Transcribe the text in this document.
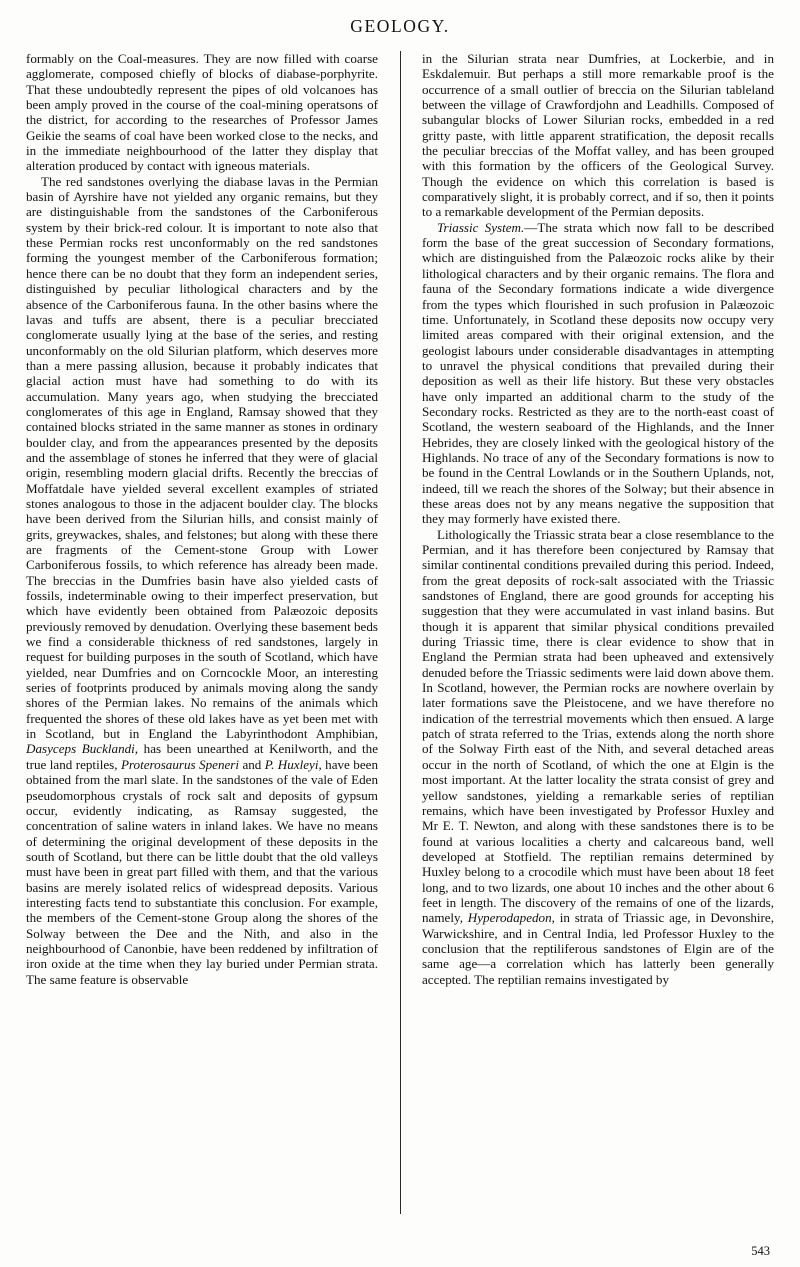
GEOLOGY.

formably on the Coal-measures. They are now filled with coarse agglomerate, composed chiefly of blocks of diabase-porphyrite. That these undoubtedly represent the pipes of old volcanoes has been amply proved in the course of the coal-mining operatsons of the district, for according to the researches of Professor James Geikie the seams of coal have been worked close to the necks, and in the immediate neighbourhood of the latter they display that alteration produced by contact with igneous materials.

The red sandstones overlying the diabase lavas in the Permian basin of Ayrshire have not yielded any organic remains, but they are distinguishable from the sandstones of the Carboniferous system by their brick-red colour. It is important to note also that these Permian rocks rest unconformably on the red sandstones forming the youngest member of the Carboniferous formation; hence there can be no doubt that they form an independent series, distinguished by peculiar lithological characters and by the absence of the Carboniferous fauna. In the other basins where the lavas and tuffs are absent, there is a peculiar brecciated conglomerate usually lying at the base of the series, and resting unconformably on the old Silurian platform, which deserves more than a mere passing allusion, because it probably indicates that glacial action must have had something to do with its accumulation. Many years ago, when studying the brecciated conglomerates of this age in England, Ramsay showed that they contained blocks striated in the same manner as stones in ordinary boulder clay, and from the appearances presented by the deposits and the assemblage of stones he inferred that they were of glacial origin, resembling modern glacial drifts. Recently the breccias of Moffatdale have yielded several excellent examples of striated stones analogous to those in the adjacent boulder clay. The blocks have been derived from the Silurian hills, and consist mainly of grits, greywackes, shales, and felstones; but along with these there are fragments of the Cement-stone Group with Lower Carboniferous fossils, to which reference has already been made. The breccias in the Dumfries basin have also yielded casts of fossils, indeterminable owing to their imperfect preservation, but which have evidently been obtained from Palæozoic deposits previously removed by denudation. Overlying these basement beds we find a considerable thickness of red sandstones, largely in request for building purposes in the south of Scotland, which have yielded, near Dumfries and on Corncockle Moor, an interesting series of footprints produced by animals moving along the sandy shores of the Permian lakes. No remains of the animals which frequented the shores of these old lakes have as yet been met with in Scotland, but in England the Labyrinthodont Amphibian, Dasyceps Bucklandi, has been unearthed at Kenilworth, and the true land reptiles, Proterosaurus Speneri and P. Huxleyi, have been obtained from the marl slate. In the sandstones of the vale of Eden pseudomorphous crystals of rock salt and deposits of gypsum occur, evidently indicating, as Ramsay suggested, the concentration of saline waters in inland lakes. We have no means of determining the original development of these deposits in the south of Scotland, but there can be little doubt that the old valleys must have been in great part filled with them, and that the various basins are merely isolated relics of widespread deposits. Various interesting facts tend to substantiate this conclusion. For example, the members of the Cement-stone Group along the shores of the Solway between the Dee and the Nith, and also in the neighbourhood of Canonbie, have been reddened by infiltration of iron oxide at the time when they lay buried under Permian strata. The same feature is observable

in the Silurian strata near Dumfries, at Lockerbie, and in Eskdalemuir. But perhaps a still more remarkable proof is the occurrence of a small outlier of breccia on the Silurian tableland between the village of Crawfordjohn and Leadhills. Composed of subangular blocks of Lower Silurian rocks, embedded in a red gritty paste, with little apparent stratification, the deposit recalls the peculiar breccias of the Moffat valley, and has been grouped with this formation by the officers of the Geological Survey. Though the evidence on which this correlation is based is comparatively slight, it is probably correct, and if so, then it points to a remarkable development of the Permian deposits.

Triassic System.—The strata which now fall to be described form the base of the great succession of Secondary formations, which are distinguished from the Palæozoic rocks alike by their lithological characters and by their organic remains. The flora and fauna of the Secondary formations indicate a wide divergence from the types which flourished in such profusion in Palæozoic time. Unfortunately, in Scotland these deposits now occupy very limited areas compared with their original extension, and the geologist labours under considerable disadvantages in attempting to unravel the physical conditions that prevailed during their deposition as well as their life history. But these very obstacles have only imparted an additional charm to the study of the Secondary rocks. Restricted as they are to the north-east coast of Scotland, the western seaboard of the Highlands, and the Inner Hebrides, they are closely linked with the geological history of the Highlands. No trace of any of the Secondary formations is now to be found in the Central Lowlands or in the Southern Uplands, not, indeed, till we reach the shores of the Solway; but their absence in these areas does not by any means negative the supposition that they may formerly have existed there.

Lithologically the Triassic strata bear a close resemblance to the Permian, and it has therefore been conjectured by Ramsay that similar continental conditions prevailed during this period. Indeed, from the great deposits of rock-salt associated with the Triassic sandstones of England, there are good grounds for accepting his suggestion that they were accumulated in vast inland basins. But though it is apparent that similar physical conditions prevailed during Triassic time, there is clear evidence to show that in England the Permian strata had been upheaved and extensively denuded before the Triassic sediments were laid down above them. In Scotland, however, the Permian rocks are nowhere overlain by later formations save the Pleistocene, and we have therefore no indication of the terrestrial movements which then ensued. A large patch of strata referred to the Trias, extends along the north shore of the Solway Firth east of the Nith, and several detached areas occur in the north of Scotland, of which the one at Elgin is the most important. At the latter locality the strata consist of grey and yellow sandstones, yielding a remarkable series of reptilian remains, which have been investigated by Professor Huxley and Mr E. T. Newton, and along with these sandstones there is to be found at various localities a cherty and calcareous band, well developed at Stotfield. The reptilian remains determined by Huxley belong to a crocodile which must have been about 18 feet long, and to two lizards, one about 10 inches and the other about 6 feet in length. The discovery of the remains of one of the lizards, namely, Hyperodapedon, in strata of Triassic age, in Devonshire, Warwickshire, and in Central India, led Professor Huxley to the conclusion that the reptiliferous sandstones of Elgin are of the same age—a correlation which has latterly been generally accepted. The reptilian remains investigated by

543
